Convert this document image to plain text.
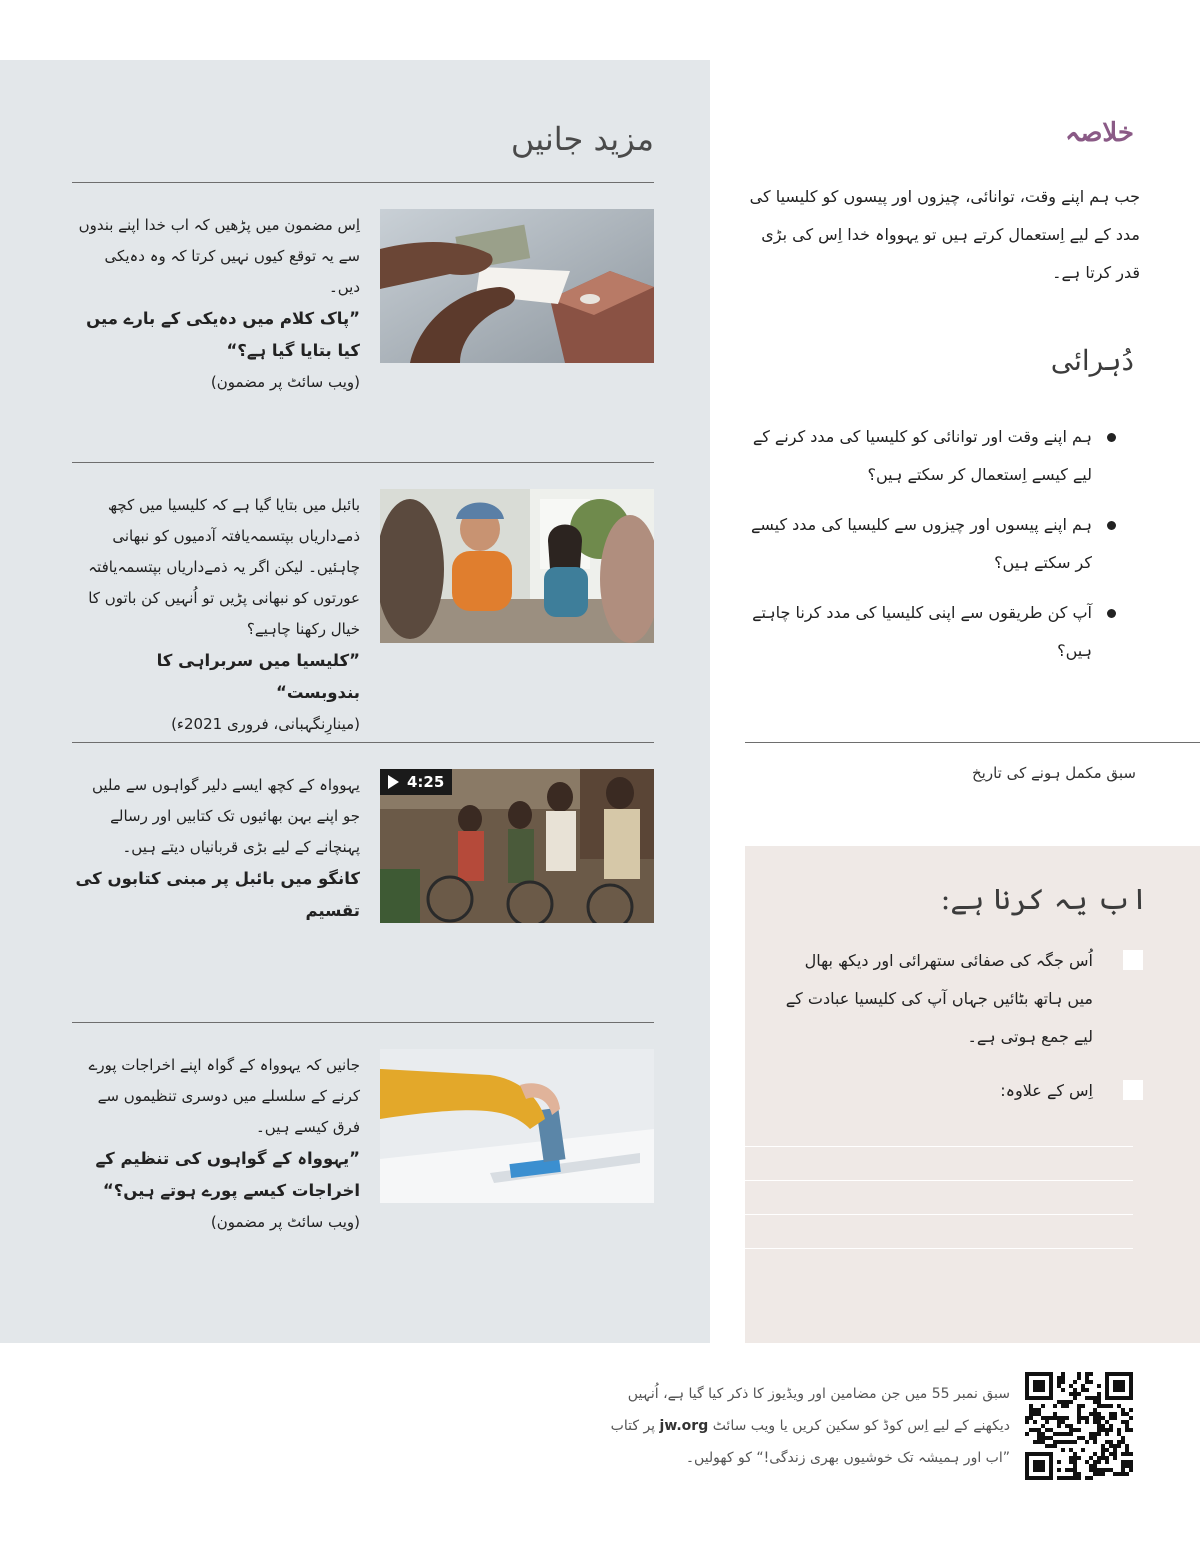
مزید جانیں
اِس مضمون میں پڑھیں کہ اب خدا اپنے بندوں سے یہ توقع کیوں نہیں کرتا کہ وہ دہ‌یکی دیں۔
”پاک کلام میں دہ‌یکی کے بارے میں کیا بتایا گیا ہے؟“
(ویب سائٹ پر مضمون)
بائبل میں بتایا گیا ہے کہ کلیسیا میں کچھ ذمے‌داریاں بپتسمہ‌یافتہ آدمیوں کو نبھانی چاہئیں۔ لیکن اگر یہ ذمے‌داریاں بپتسمہ‌یافتہ عورتوں کو نبھانی پڑیں تو اُنہیں کن باتوں کا خیال رکھنا چاہیے؟
”کلیسیا میں سربراہی کا بندوبست“
(مینارِنگہبانی، فروری 2021ء)
یہوواہ کے کچھ ایسے دلیر گواہوں سے ملیں جو اپنے بہن بھائیوں تک کتابیں اور رسالے پہنچانے کے لیے بڑی قربانیاں دیتے ہیں۔
کانگو میں بائبل پر مبنی کتابوں کی تقسیم
4:25
جانیں کہ یہوواہ کے گواہ اپنے اخراجات پورے کرنے کے سلسلے میں دوسری تنظیموں سے فرق کیسے ہیں۔
”یہوواہ کے گواہوں کی تنظیم کے اخراجات کیسے پورے ہوتے ہیں؟“
(ویب سائٹ پر مضمون)
خلاصہ
جب ہم اپنے وقت، توانائی، چیزوں اور پیسوں کو کلیسیا کی مدد کے لیے اِستعمال کرتے ہیں تو یہوواہ خدا اِس کی بڑی قدر کرتا ہے۔
دُہرائی
ہم اپنے وقت اور توانائی کو کلیسیا کی مدد کرنے کے لیے کیسے اِستعمال کر سکتے ہیں؟
ہم اپنے پیسوں اور چیزوں سے کلیسیا کی مدد کیسے کر سکتے ہیں؟
آپ کن طریقوں سے اپنی کلیسیا کی مدد کرنا چاہتے ہیں؟
سبق مکمل ہونے کی تاریخ
اب یہ کرنا ہے:
اُس جگہ کی صفائی ستھرائی اور دیکھ بھال میں ہاتھ بٹائیں جہاں آپ کی کلیسیا عبادت کے لیے جمع ہوتی ہے۔
اِس کے علاوہ:
سبق نمبر 55 میں جن مضامین اور ویڈیوز کا ذکر کیا گیا ہے، اُنہیں دیکھنے کے لیے اِس کوڈ کو سکین کریں یا ویب سائٹ jw.org پر کتاب ”اب اور ہمیشہ تک خوشیوں بھری زندگی!“ کو کھولیں۔
